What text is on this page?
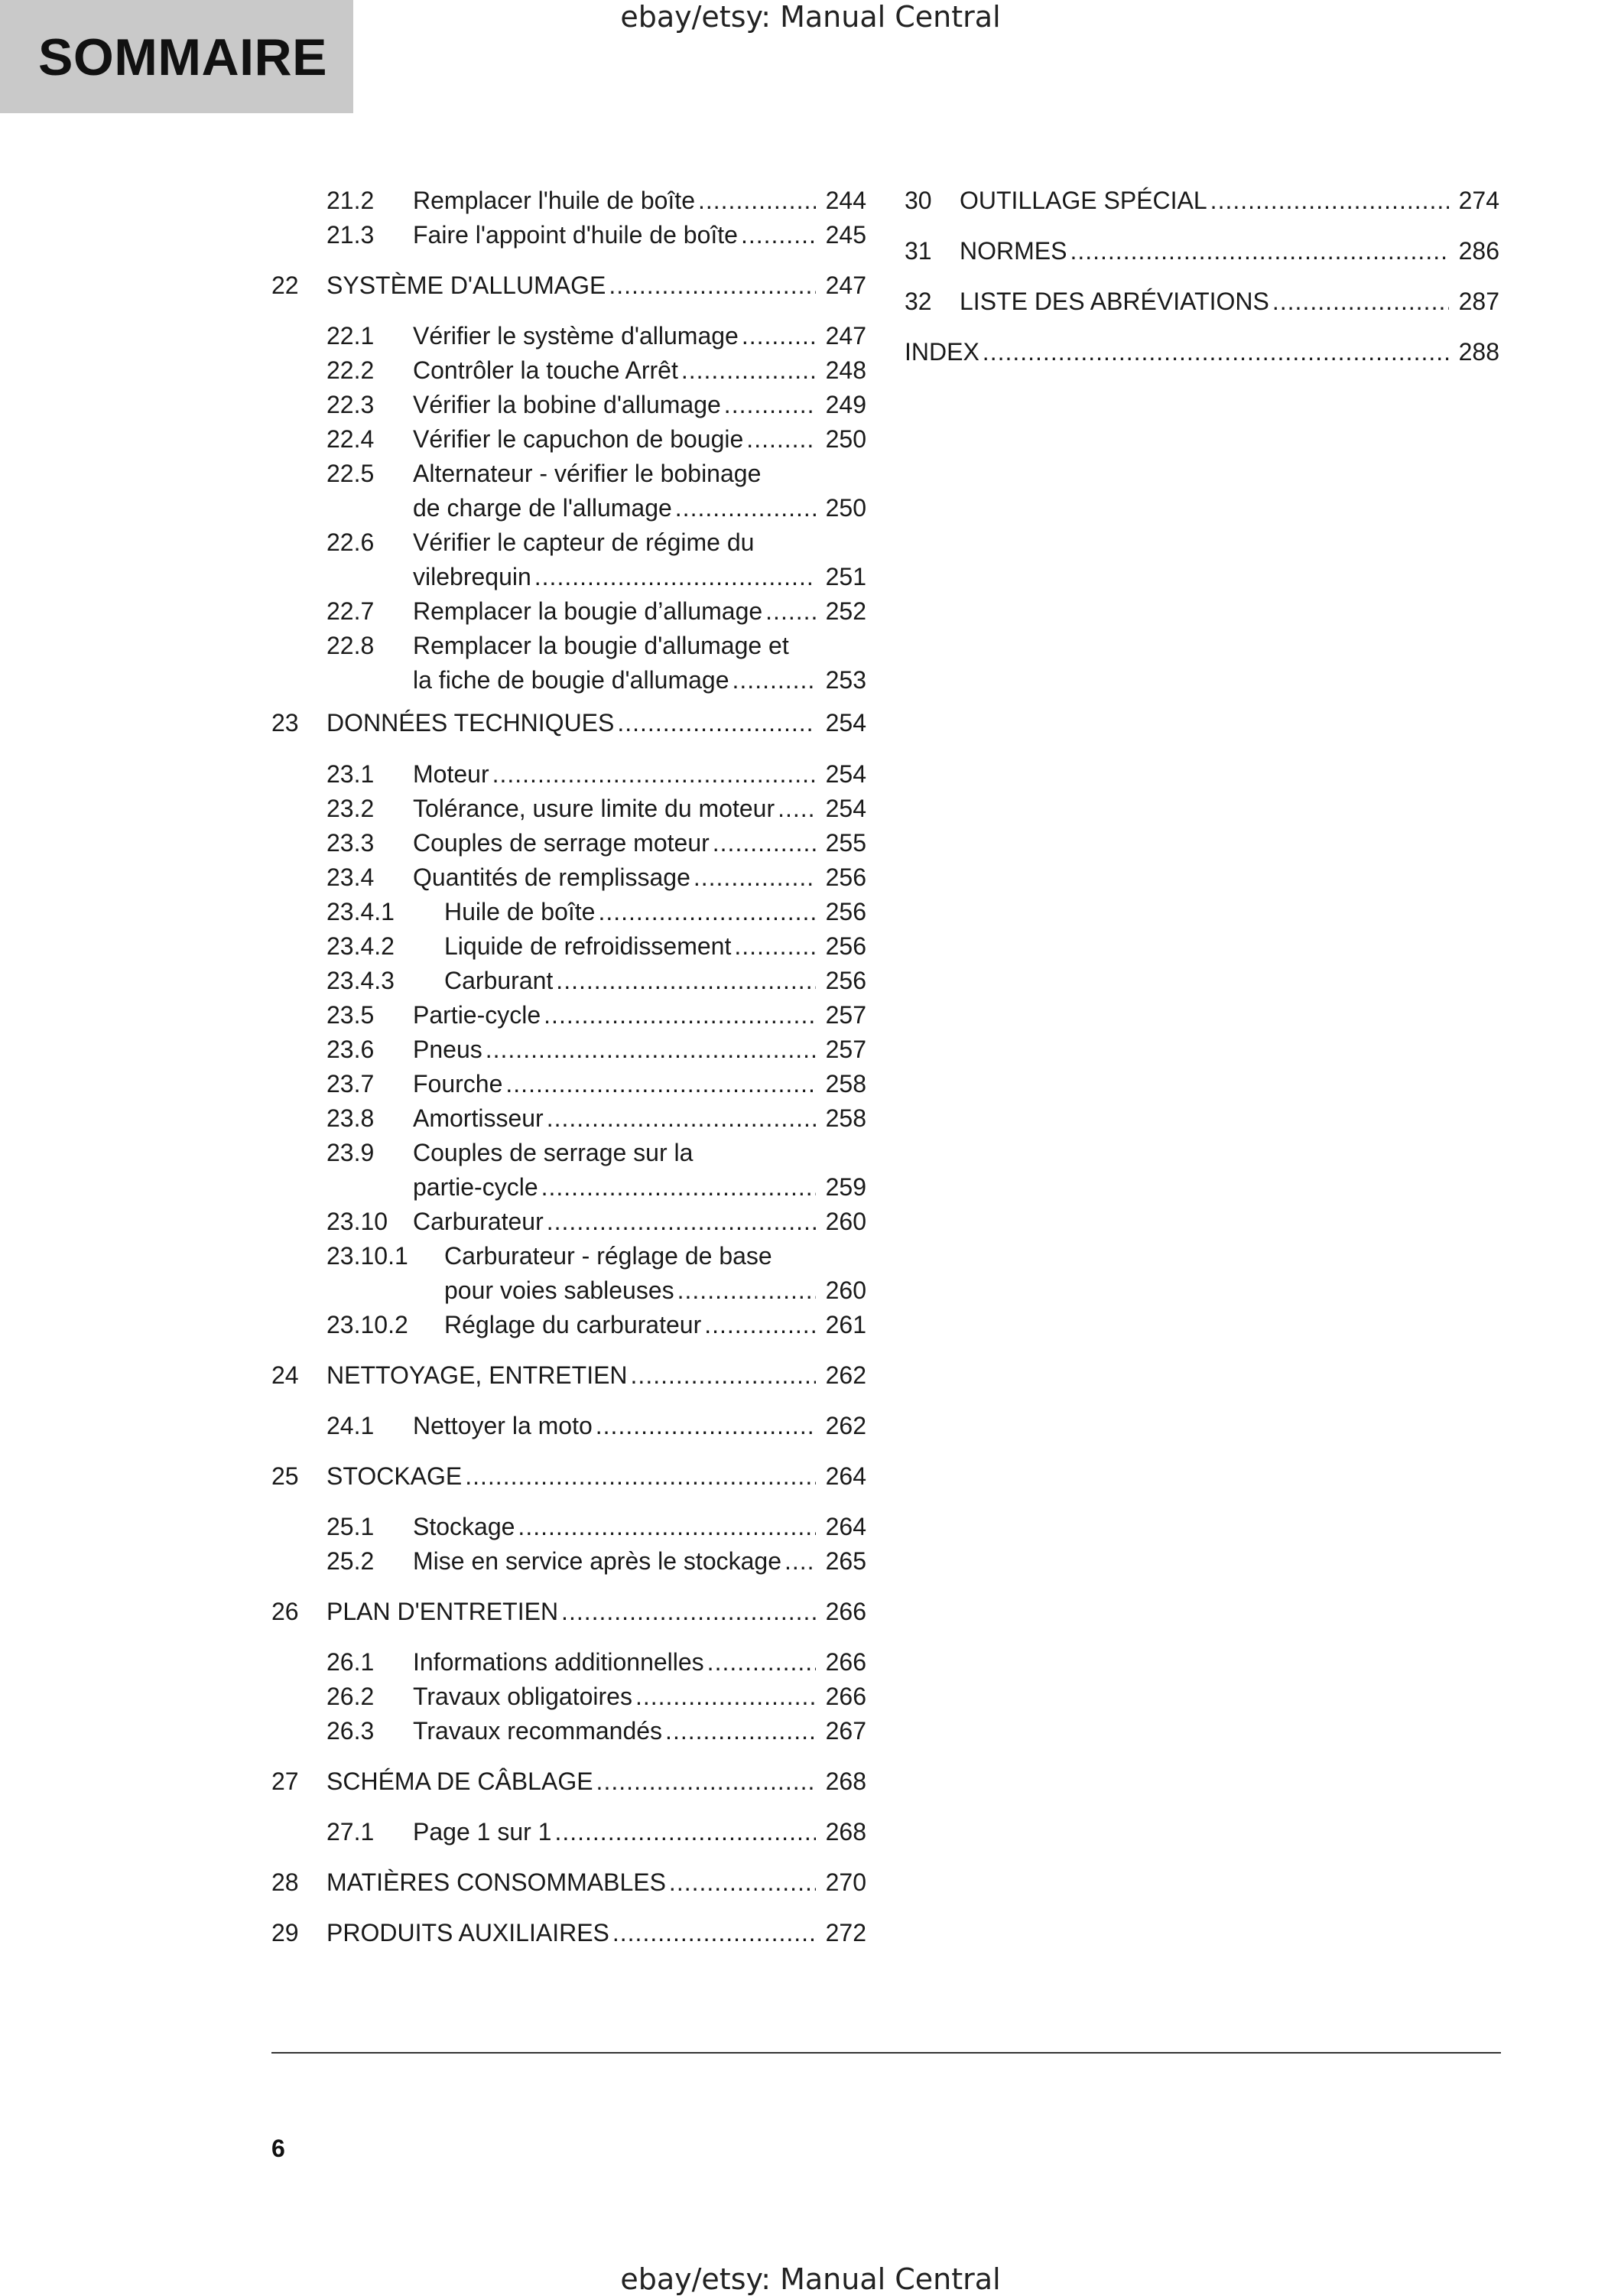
SOMMAIRE
ebay/etsy: Manual Central
21.2 Remplacer l'huile de boîte .....	244
21.3 Faire l'appoint d'huile de boîte .....	245
22 SYSTÈME D'ALLUMAGE .....	247
22.1 Vérifier le système d'allumage .....	247
22.2 Contrôler la touche Arrêt .....	248
22.3 Vérifier la bobine d'allumage .....	249
22.4 Vérifier le capuchon de bougie .....	250
22.5 Alternateur - vérifier le bobinage
de charge de l'allumage .....	250
22.6 Vérifier le capteur de régime du
vilebrequin .....	251
22.7 Remplacer la bougie d’allumage .....	252
22.8 Remplacer la bougie d'allumage et
la fiche de bougie d'allumage .....	253
23 DONNÉES TECHNIQUES .....	254
23.1 Moteur .....	254
23.2 Tolérance, usure limite du moteur .....	254
23.3 Couples de serrage moteur .....	255
23.4 Quantités de remplissage .....	256
23.4.1 Huile de boîte .....	256
23.4.2 Liquide de refroidissement .....	256
23.4.3 Carburant .....	256
23.5 Partie-cycle .....	257
23.6 Pneus .....	257
23.7 Fourche .....	258
23.8 Amortisseur .....	258
23.9 Couples de serrage sur la
partie-cycle .....	259
23.10 Carburateur .....	260
23.10.1 Carburateur - réglage de base
pour voies sableuses .....	260
23.10.2 Réglage du carburateur .....	261
24 NETTOYAGE, ENTRETIEN .....	262
24.1 Nettoyer la moto .....	262
25 STOCKAGE .....	264
25.1 Stockage .....	264
25.2 Mise en service après le stockage .....	265
26 PLAN D'ENTRETIEN .....	266
26.1 Informations additionnelles .....	266
26.2 Travaux obligatoires .....	266
26.3 Travaux recommandés .....	267
27 SCHÉMA DE CÂBLAGE .....	268
27.1 Page 1 sur 1 .....	268
28 MATIÈRES CONSOMMABLES .....	270
29 PRODUITS AUXILIAIRES .....	272
30 OUTILLAGE SPÉCIAL .....	274
31 NORMES .....	286
32 LISTE DES ABRÉVIATIONS .....	287
INDEX .....	288
6
ebay/etsy: Manual Central
